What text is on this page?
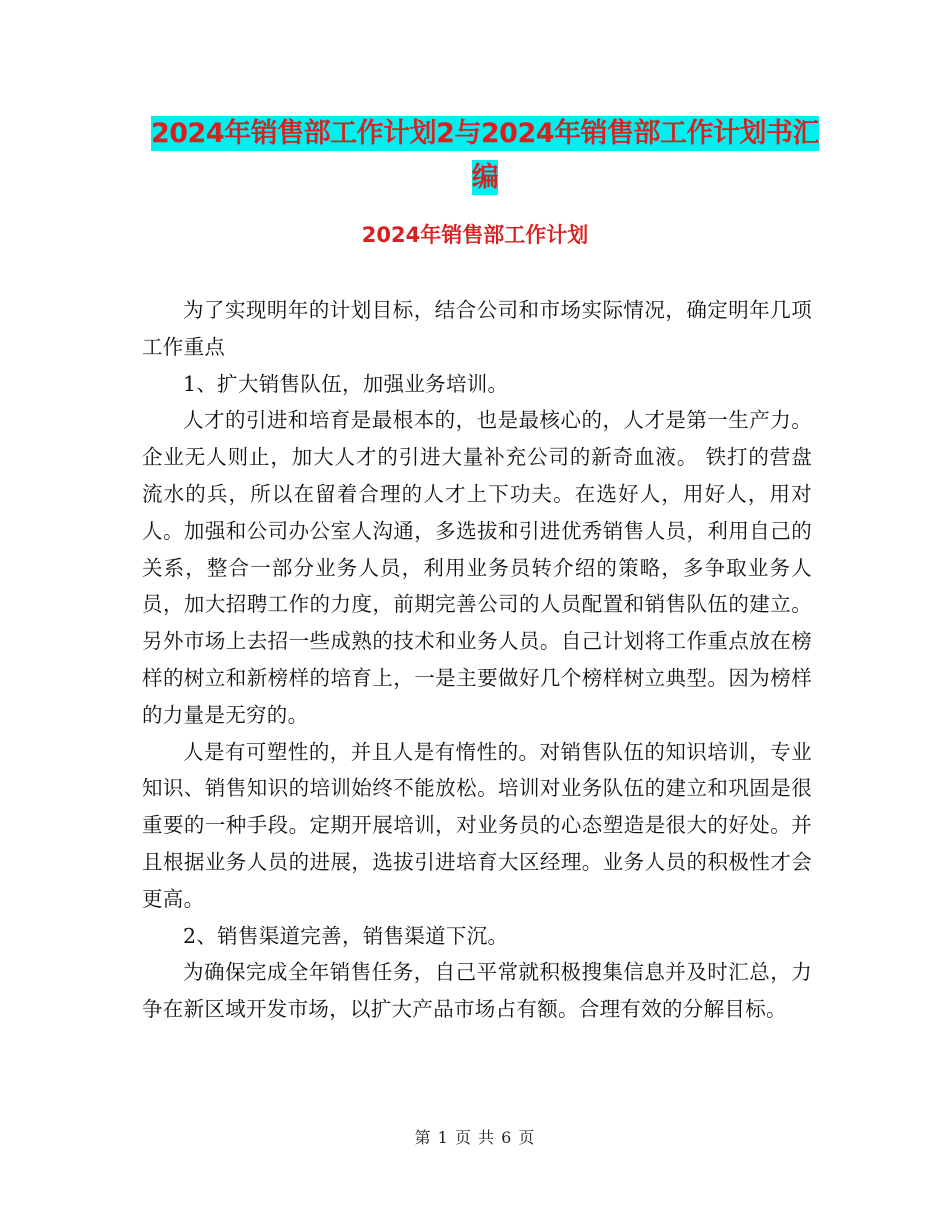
2024年销售部工作计划2与2024年销售部工作计划书汇编
2024年销售部工作计划

为了实现明年的计划目标，结合公司和市场实际情况，确定明年几项工作重点

1、扩大销售队伍，加强业务培训。

人才的引进和培育是最根本的，也是最核心的，人才是第一生产力。企业无人则止，加大人才的引进大量补充公司的新奇血液。 铁打的营盘流水的兵，所以在留着合理的人才上下功夫。在选好人，用好人，用对人。加强和公司办公室人沟通，多选拔和引进优秀销售人员，利用自己的关系，整合一部分业务人员，利用业务员转介绍的策略，多争取业务人员，加大招聘工作的力度，前期完善公司的人员配置和销售队伍的建立。另外市场上去招一些成熟的技术和业务人员。自己计划将工作重点放在榜样的树立和新榜样的培育上，一是主要做好几个榜样树立典型。因为榜样的力量是无穷的。

人是有可塑性的，并且人是有惰性的。对销售队伍的知识培训，专业知识、销售知识的培训始终不能放松。培训对业务队伍的建立和巩固是很重要的一种手段。定期开展培训，对业务员的心态塑造是很大的好处。并且根据业务人员的进展，选拔引进培育大区经理。业务人员的积极性才会更高。

2、销售渠道完善，销售渠道下沉。

为确保完成全年销售任务，自己平常就积极搜集信息并及时汇总，力争在新区域开发市场，以扩大产品市场占有额。合理有效的分解目标。

第 1 页 共 6 页
